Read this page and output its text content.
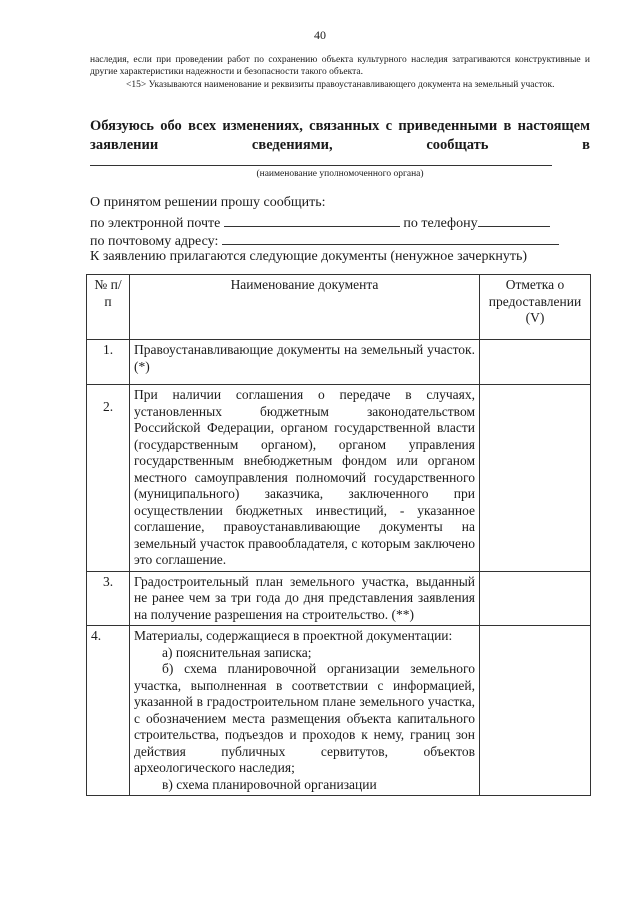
40
наследия, если при проведении работ по сохранению объекта культурного наследия затрагиваются конструктивные и другие характеристики надежности и безопасности такого объекта.
<15> Указываются наименование и реквизиты правоустанавливающего документа на земельный участок.
Обязуюсь обо всех изменениях, связанных с приведенными в настоящем
заявлении	сведениями,	сообщать	в
(наименование уполномоченного органа)
О принятом решении прошу сообщить:
по электронной почте	по телефону
по почтовому адресу:
К заявлению прилагаются следующие документы (ненужное зачеркнуть)
№ п/п	Наименование документа	Отметка о предоставлении (V)
1.	Правоустанавливающие документы на земельный участок. (*)	
2.	При наличии соглашения о передаче в случаях, установленных бюджетным законодательством Российской Федерации, органом государственной власти (государственным органом), органом управления государственным внебюджетным фондом или органом местного самоуправления полномочий государственного (муниципального) заказчика, заключенного при осуществлении бюджетных инвестиций, - указанное соглашение, правоустанавливающие документы на земельный участок правообладателя, с которым заключено это соглашение.	
3.	Градостроительный план земельного участка, выданный не ранее чем за три года до дня представления заявления на получение разрешения на строительство. (**)	
4.	Материалы, содержащиеся в проектной документации:
а) пояснительная записка;
б) схема планировочной организации земельного участка, выполненная в соответствии с информацией, указанной в градостроительном плане земельного участка, с обозначением места размещения объекта капитального строительства, подъездов и проходов к нему, границ зон действия публичных сервитутов, объектов археологического наследия;
в) схема планировочной организации	
